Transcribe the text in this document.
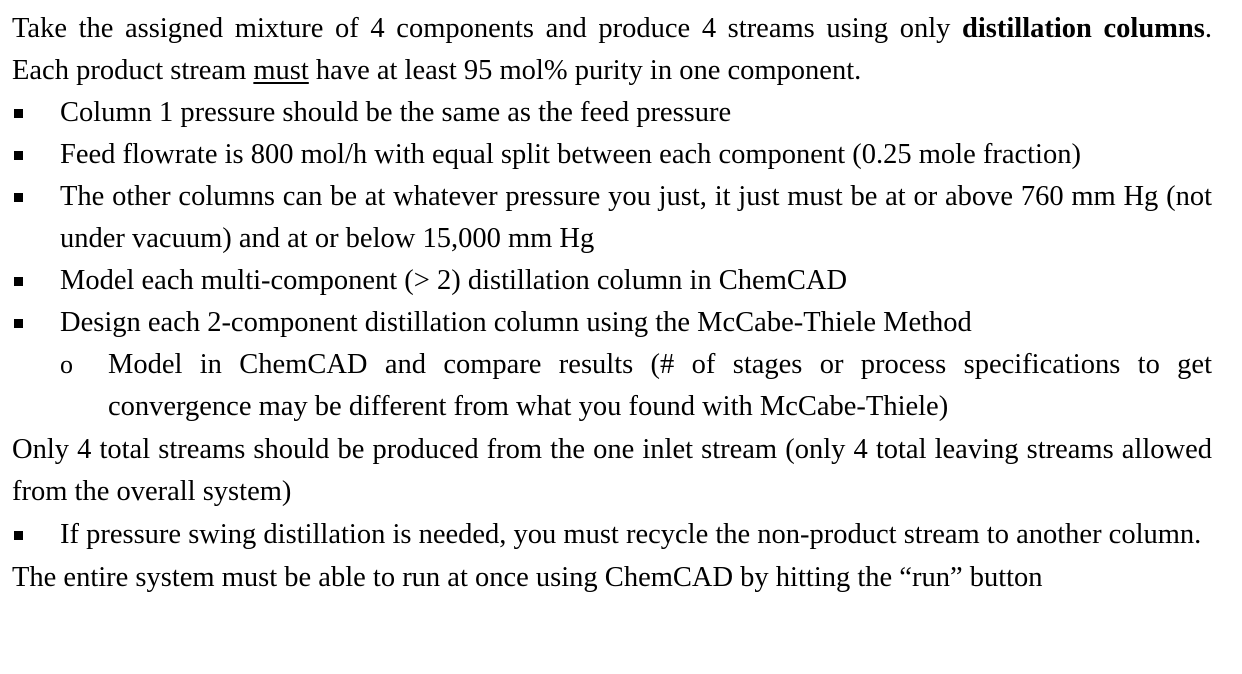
Take the assigned mixture of 4 components and produce 4 streams using only distillation columns. Each product stream must have at least 95 mol% purity in one component.

Column 1 pressure should be the same as the feed pressure

Feed flowrate is 800 mol/h with equal split between each component (0.25 mole fraction)

The other columns can be at whatever pressure you just, it just must be at or above 760 mm Hg (not under vacuum) and at or below 15,000 mm Hg

Model each multi-component (> 2) distillation column in ChemCAD

Design each 2-component distillation column using the McCabe-Thiele Method

o Model in ChemCAD and compare results (# of stages or process specifications to get convergence may be different from what you found with McCabe-Thiele)

Only 4 total streams should be produced from the one inlet stream (only 4 total leaving streams allowed from the overall system)

If pressure swing distillation is needed, you must recycle the non-product stream to another column.

The entire system must be able to run at once using ChemCAD by hitting the “run” button
